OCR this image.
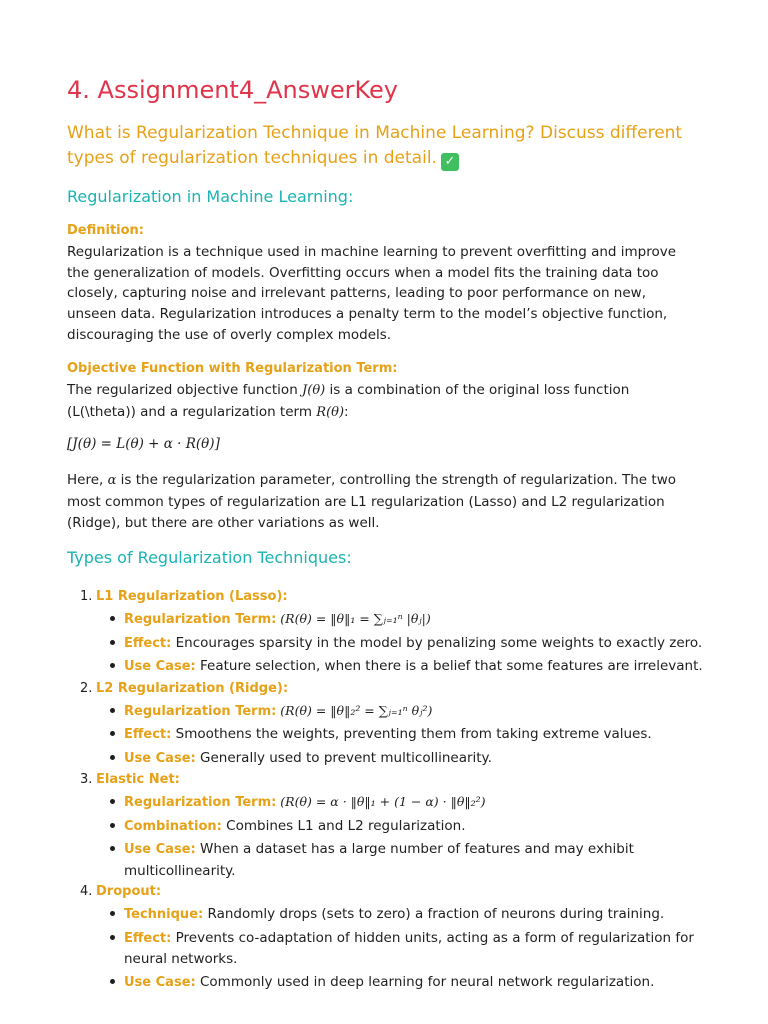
4. Assignment4_AnswerKey

What is Regularization Technique in Machine Learning? Discuss different types of regularization techniques in detail. ✓

Regularization in Machine Learning:
Definition:

Regularization is a technique used in machine learning to prevent overfitting and improve the generalization of models. Overfitting occurs when a model fits the training data too closely, capturing noise and irrelevant patterns, leading to poor performance on new, unseen data. Regularization introduces a penalty term to the model’s objective function, discouraging the use of overly complex models.

Objective Function with Regularization Term:

The regularized objective function J(θ) is a combination of the original loss function (L(\theta)) and a regularization term R(θ):

[J(θ) = L(θ) + α · R(θ)]

Here, α is the regularization parameter, controlling the strength of regularization. The two most common types of regularization are L1 regularization (Lasso) and L2 regularization (Ridge), but there are other variations as well.

Types of Regularization Techniques:
1. L1 Regularization (Lasso):
Regularization Term: (R(θ) = ‖θ‖₁ = ∑ⱼ₌₁ⁿ |θⱼ|)
Effect: Encourages sparsity in the model by penalizing some weights to exactly zero.
Use Case: Feature selection, when there is a belief that some features are irrelevant.
2. L2 Regularization (Ridge):
Regularization Term: (R(θ) = ‖θ‖₂² = ∑ⱼ₌₁ⁿ θⱼ²)
Effect: Smoothens the weights, preventing them from taking extreme values.
Use Case: Generally used to prevent multicollinearity.
3. Elastic Net:
Regularization Term: (R(θ) = α · ‖θ‖₁ + (1 − α) · ‖θ‖₂²)
Combination: Combines L1 and L2 regularization.
Use Case: When a dataset has a large number of features and may exhibit multicollinearity.
4. Dropout:
Technique: Randomly drops (sets to zero) a fraction of neurons during training.
Effect: Prevents co-adaptation of hidden units, acting as a form of regularization for neural networks.
Use Case: Commonly used in deep learning for neural network regularization.
